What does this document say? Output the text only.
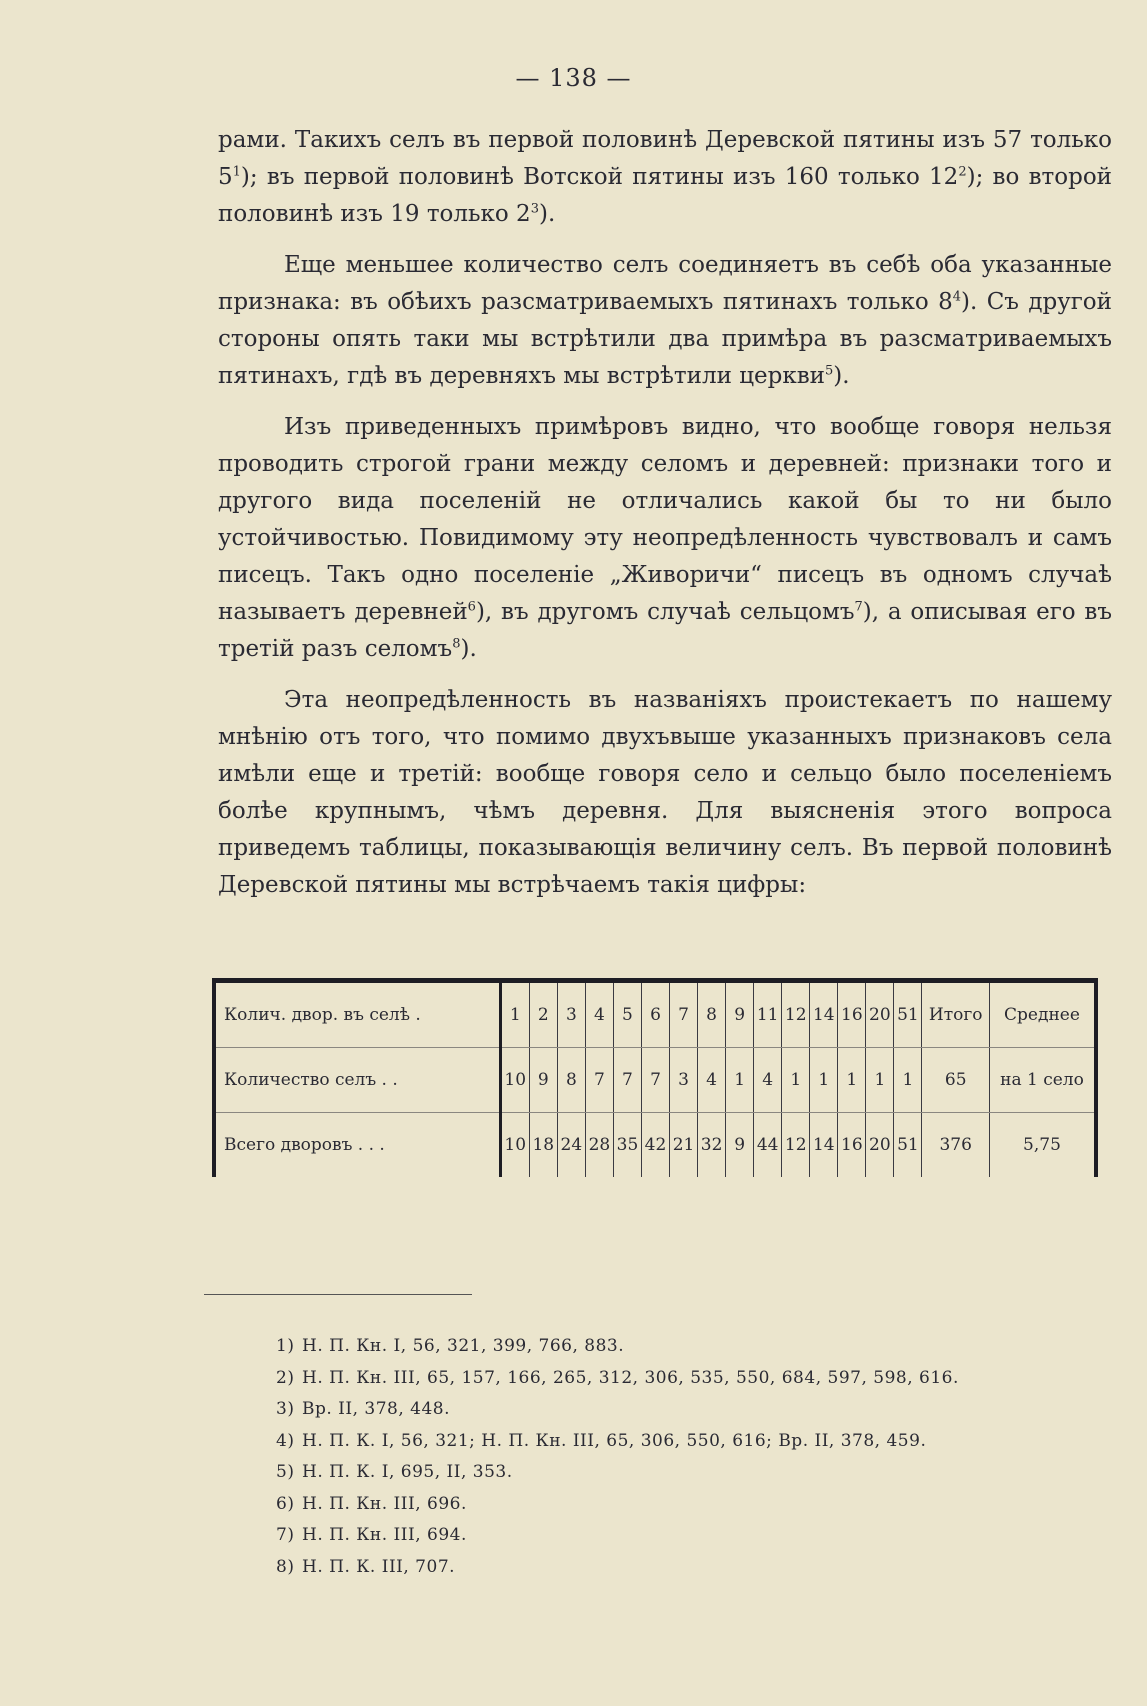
— 138 —

рами. Такихъ селъ въ первой половинѣ Деревской пятины изъ 57 только $5^1$); въ первой половинѣ Вотской пятины изъ 160 только $12^2$); во второй половинѣ изъ 19 только $2^3$).

Еще меньшее количество селъ соединяетъ въ себѣ оба указанные признака: въ обѣихъ разсматриваемыхъ пятинахъ только $8^4$). Съ другой стороны опять таки мы встрѣтили два примѣра въ разсматриваемыхъ пятинахъ, гдѣ въ деревняхъ мы встрѣтили церкви$^5$).

Изъ приведенныхъ примѣровъ видно, что вообще говоря нельзя проводить строгой грани между селомъ и деревней: признаки того и другого вида поселеній не отличались какой бы то ни было устойчивостью. Повидимому эту неопредѣленность чувствовалъ и самъ писецъ. Такъ одно поселеніе „Живоричи“ писецъ въ одномъ случаѣ называетъ деревней$^6$), въ другомъ случаѣ сельцомъ$^7$), а описывая его въ третій разъ селомъ$^8$).

Эта неопредѣленность въ названіяхъ проистекаетъ по нашему мнѣнію отъ того, что помимо двухъвыше указанныхъ признаковъ села имѣли еще и третій: вообще говоря село и сельцо было поселеніемъ болѣе крупнымъ, чѣмъ деревня. Для выясненія этого вопроса приведемъ таблицы, показывающія величину селъ. Въ первой половинѣ Деревской пятины мы встрѣчаемъ такія цифры:

Колич. двор. въ селѣ .	1	2	3	4	5	6	7	8	9	11	12	14	16	20	51	Итого	Среднее
Количество селъ . .	10	9	8	7	7	7	3	4	1	4	1	1	1	1	1	65	на 1 село
Всего дворовъ . . .	10	18	24	28	35	42	21	32	9	44	12	14	16	20	51	376	5,75
1) Н. П. Кн. I, 56, 321, 399, 766, 883.
2) Н. П. Кн. III, 65, 157, 166, 265, 312, 306, 535, 550, 684, 597, 598, 616.
3) Вр. II, 378, 448.
4) Н. П. К. I, 56, 321; Н. П. Кн. III, 65, 306, 550, 616; Вр. II, 378, 459.
5) Н. П. К. I, 695, II, 353.
6) Н. П. Кн. III, 696.
7) Н. П. Кн. III, 694.
8) Н. П. К. III, 707.
